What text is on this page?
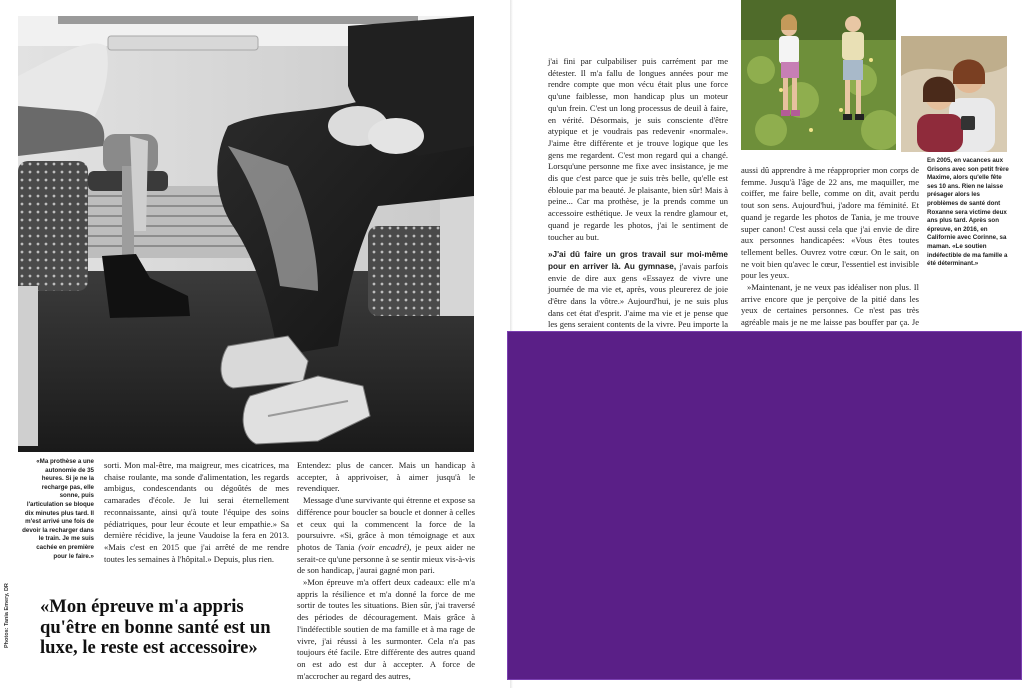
Photos: Tania Emery, DR

«Ma prothèse a une autonomie de 35 heures. Si je ne la recharge pas, elle sonne, puis l'articulation se bloque dix minutes plus tard. Il m'est arrivé une fois de devoir la recharger dans le train. Je me suis cachée en première pour le faire.»

En 2005, en vacances aux Grisons avec son petit frère Maxime, alors qu'elle fête ses 10 ans. Rien ne laisse présager alors les problèmes de santé dont Roxanne sera victime deux ans plus tard. Après son épreuve, en 2016, en Californie avec Corinne, sa maman. «Le soutien indéfectible de ma famille a été déterminant.»

sorti. Mon mal-être, ma maigreur, mes cicatrices, ma chaise roulante, ma sonde d'alimentation, les regards ambigus, condescendants ou dégoûtés de mes camarades d'école. Je lui serai éternellement reconnaissante, ainsi qu'à toute l'équipe des soins pédiatriques, pour leur écoute et leur empathie.» Sa dernière récidive, la jeune Vaudoise la fera en 2013. «Mais c'est en 2015 que j'ai arrêté de me rendre toutes les semaines à l'hôpital.» Depuis, plus rien.

Entendez: plus de cancer. Mais un handicap à accepter, à apprivoiser, à aimer jusqu'à le revendiquer.

Message d'une survivante qui étrenne et expose sa différence pour boucler sa boucle et donner à celles et ceux qui la commencent la force de la poursuivre. «Si, grâce à mon témoignage et aux photos de Tania (voir encadré), je peux aider ne serait-ce qu'une personne à se sentir mieux vis-à-vis de son handicap, j'aurai gagné mon pari.

»Mon épreuve m'a offert deux cadeaux: elle m'a appris la résilience et m'a donné la force de me sortir de toutes les situations. Bien sûr, j'ai traversé des périodes de découragement. Mais grâce à l'indéfectible soutien de ma famille et à ma rage de vivre, j'ai réussi à les surmonter. Cela n'a pas toujours été facile. Etre différente des autres quand on est ado est dur à accepter. A force de m'accrocher au regard des autres,

«Mon épreuve m'a appris qu'être en bonne santé est un luxe, le reste est accessoire»

j'ai fini par culpabiliser puis carrément par me détester. Il m'a fallu de longues années pour me rendre compte que mon vécu était plus une force qu'une faiblesse, mon handicap plus un moteur qu'un frein. C'est un long processus de deuil à faire, en vérité. Désormais, je suis consciente d'être atypique et je voudrais pas redevenir «normale». J'aime être différente et je trouve logique que les gens me regardent. C'est mon regard qui a changé. Lorsqu'une personne me fixe avec insistance, je me dis que c'est parce que je suis très belle, qu'elle est éblouie par ma beauté. Je plaisante, bien sûr! Mais à peine... Car ma prothèse, je la prends comme un accessoire esthétique. Je veux la rendre glamour et, quand je regarde les photos, j'ai le sentiment de toucher au but.

»J'ai dû faire un gros travail sur moi-même pour en arriver là. Au gymnase, j'avais parfois envie de dire aux gens «Essayez de vivre une journée de ma vie et, après, vous pleurerez de joie d'être dans la vôtre.» Aujourd'hui, je ne suis plus dans cet état d'esprit. J'aime ma vie et je pense que les gens seraient contents de la vivre. Peu importe la

aussi dû apprendre à me réapproprier mon corps de femme. Jusqu'à l'âge de 22 ans, me maquiller, me coiffer, me faire belle, comme on dit, avait perdu tout son sens. Aujourd'hui, j'adore ma féminité. Et quand je regarde les photos de Tania, je me trouve super canon! C'est aussi cela que j'ai envie de dire aux personnes handicapées: «Vous êtes toutes tellement belles. Ouvrez votre cœur. On le sait, on ne voit bien qu'avec le cœur, l'essentiel est invisible pour les yeux.

»Maintenant, je ne veux pas idéaliser non plus. Il arrive encore que je perçoive de la pitié dans les yeux de certaines personnes. Ce n'est pas très agréable mais je ne me laisse pas bouffer par ça. Je
